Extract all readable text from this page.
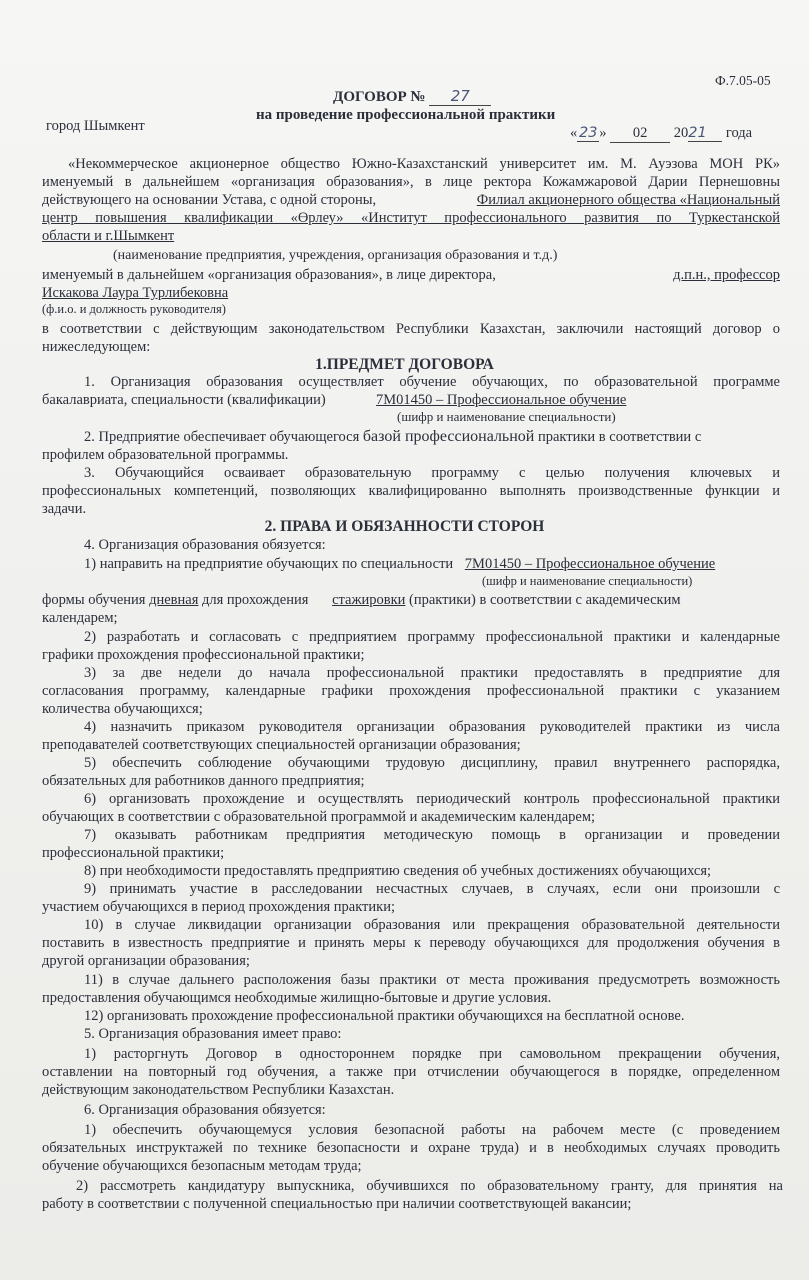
Ф.7.05-05
ДОГОВОР № 27
на проведение профессиональной практики
город Шымкент	« 23 » 02 2021 года
«Некоммерческое акционерное общество Южно-Казахстанский университет им. М. Ауэзова МОН РК»
именуемый в дальнейшем «организация образования», в лице ректора Кожамжаровой Дарии Пернешовны
действующего на основании Устава, с одной стороны,	Филиал акционерного общества «Национальный
центр повышения квалификации «Өрлеу» «Институт профессионального развития по Туркестанской
области и г.Шымкент
(наименование предприятия, учреждения, организация образования и т.д.)
именуемый в дальнейшем «организация образования», в лице директора,	д.п.н., профессор
Искакова Лаура Турлибековна
(ф.и.о. и должность руководителя)
в соответствии с действующим законодательством Республики Казахстан, заключили настоящий договор о
нижеследующем:
1.ПРЕДМЕТ ДОГОВОРА
1. Организация образования осуществляет обучение обучающих, по образовательной программе
бакалавриата, специальности (квалификации)	7М01450 – Профессиональное обучение
(шифр и наименование специальности)
2. Предприятие обеспечивает обучающегося базой профессиональной практики в соответствии с
профилем образовательной программы.
3. Обучающийся осваивает образовательную программу с целью получения ключевых и
профессиональных компетенций, позволяющих квалифицированно выполнять производственные функции и
задачи.
2. ПРАВА И ОБЯЗАННОСТИ СТОРОН
4. Организация образования обязуется:
1) направить на предприятие обучающих по специальности 7М01450 – Профессиональное обучение
(шифр и наименование специальности)
формы обучения дневная для прохождения стажировки (практики) в соответствии с академическим
календарем;
2) разработать и согласовать с предприятием программу профессиональной практики и календарные
графики прохождения профессиональной практики;
3) за две недели до начала профессиональной практики предоставлять в предприятие для
согласования программу, календарные графики прохождения профессиональной практики с указанием
количества обучающихся;
4) назначить приказом руководителя организации образования руководителей практики из числа
преподавателей соответствующих специальностей организации образования;
5) обеспечить соблюдение обучающими трудовую дисциплину, правил внутреннего распорядка,
обязательных для работников данного предприятия;
6) организовать прохождение и осуществлять периодический контроль профессиональной практики
обучающих в соответствии с образовательной программой и академическим календарем;
7) оказывать работникам предприятия методическую помощь в организации и проведении
профессиональной практики;
8) при необходимости предоставлять предприятию сведения об учебных достижениях обучающихся;
9) принимать участие в расследовании несчастных случаев, в случаях, если они произошли с
участием обучающихся в период прохождения практики;
10) в случае ликвидации организации образования или прекращения образовательной деятельности
поставить в известность предприятие и принять меры к переводу обучающихся для продолжения обучения в
другой организации образования;
11) в случае дальнего расположения базы практики от места проживания предусмотреть возможность
предоставления обучающимся необходимые жилищно-бытовые и другие условия.
12) организовать прохождение профессиональной практики обучающихся на бесплатной основе.
5. Организация образования имеет право:
1) расторгнуть Договор в одностороннем порядке при самовольном прекращении обучения,
оставлении на повторный год обучения, а также при отчислении обучающегося в порядке, определенном
действующим законодательством Республики Казахстан.
6. Организация образования обязуется:
1) обеспечить обучающемуся условия безопасной работы на рабочем месте (с проведением
обязательных инструктажей по технике безопасности и охране труда) и в необходимых случаях проводить
обучение обучающихся безопасным методам труда;
2) рассмотреть кандидатуру выпускника, обучившихся по образовательному гранту, для принятия на
работу в соответствии с полученной специальностью при наличии соответствующей вакансии;
